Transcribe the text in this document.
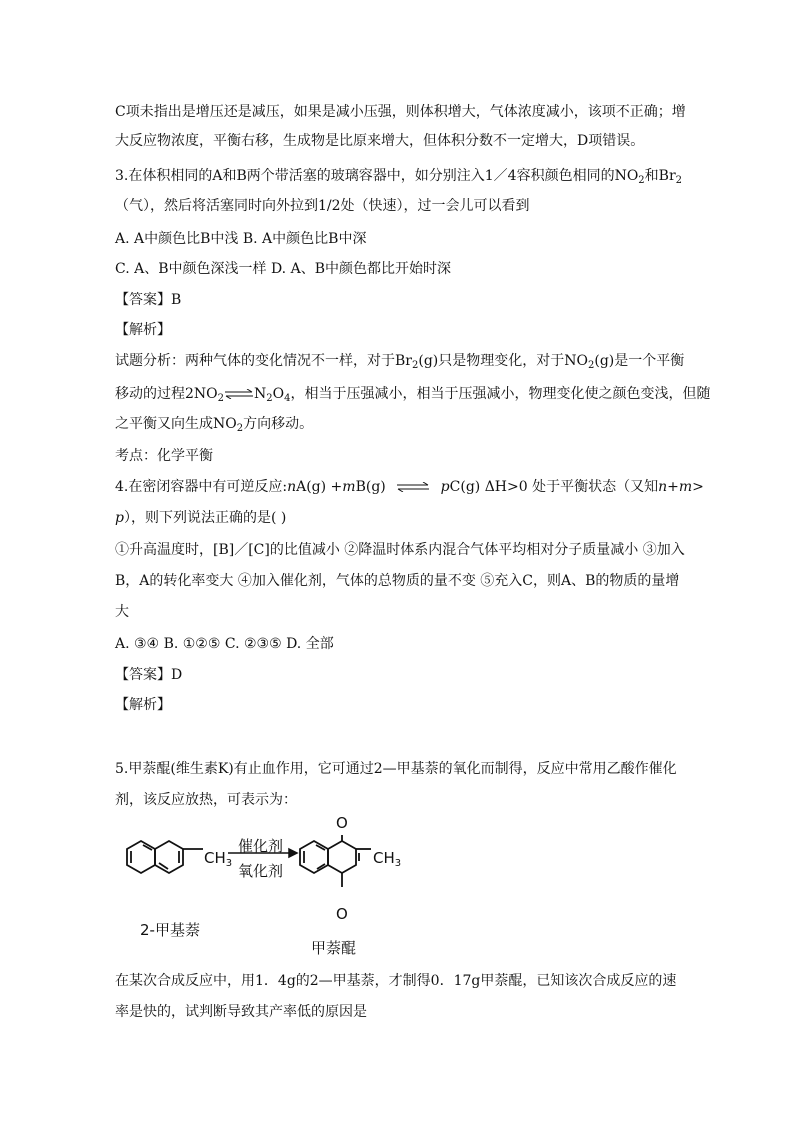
C项未指出是增压还是减压，如果是减小压强，则体积增大，气体浓度减小，该项不正确；增
大反应物浓度，平衡右移，生成物是比原来增大，但体积分数不一定增大，D项错误。
3.在体积相同的A和B两个带活塞的玻璃容器中，如分别注入1／4容积颜色相同的$NO_2$和$Br_2$
（气），然后将活塞同时向外拉到1/2处（快速），过一会儿可以看到
A. A中颜色比B中浅 B. A中颜色比B中深
C. A、B中颜色深浅一样 D. A、B中颜色都比开始时深
【答案】B
【解析】
试题分析：两种气体的变化情况不一样，对于$Br_2(g)$只是物理变化，对于$NO_2(g)$是一个平衡
移动的过程$2NO_2\rightleftharpoons N_2O_4$，相当于压强减小，相当于压强减小，物理变化使之颜色变浅，但随
之平衡又向生成$NO_2$方向移动。
考点：化学平衡
4.在密闭容器中有可逆反应:nA(g) +mB(g) ⇌ pC(g) ΔH>0 处于平衡状态（又知n+m>
p），则下列说法正确的是( )
①升高温度时，[B]／[C]的比值减小 ②降温时体系内混合气体平均相对分子质量减小 ③加入
B，A的转化率变大 ④加入催化剂，气体的总物质的量不变 ⑤充入C，则A、B的物质的量增
大
A. ③④ B. ①②⑤ C. ②③⑤ D. 全部
【答案】D
【解析】
5.甲萘醌(维生素K)有止血作用，它可通过2—甲基萘的氧化而制得，反应中常用乙酸作催化
剂，该反应放热，可表示为：
催化剂
氧化剂
$CH_3$	$CH_3$
O
O
2-甲基萘
甲萘醌
在某次合成反应中，用1．4g的2—甲基萘，才制得0．17g甲萘醌，已知该次合成反应的速
率是快的，试判断导致其产率低的原因是
